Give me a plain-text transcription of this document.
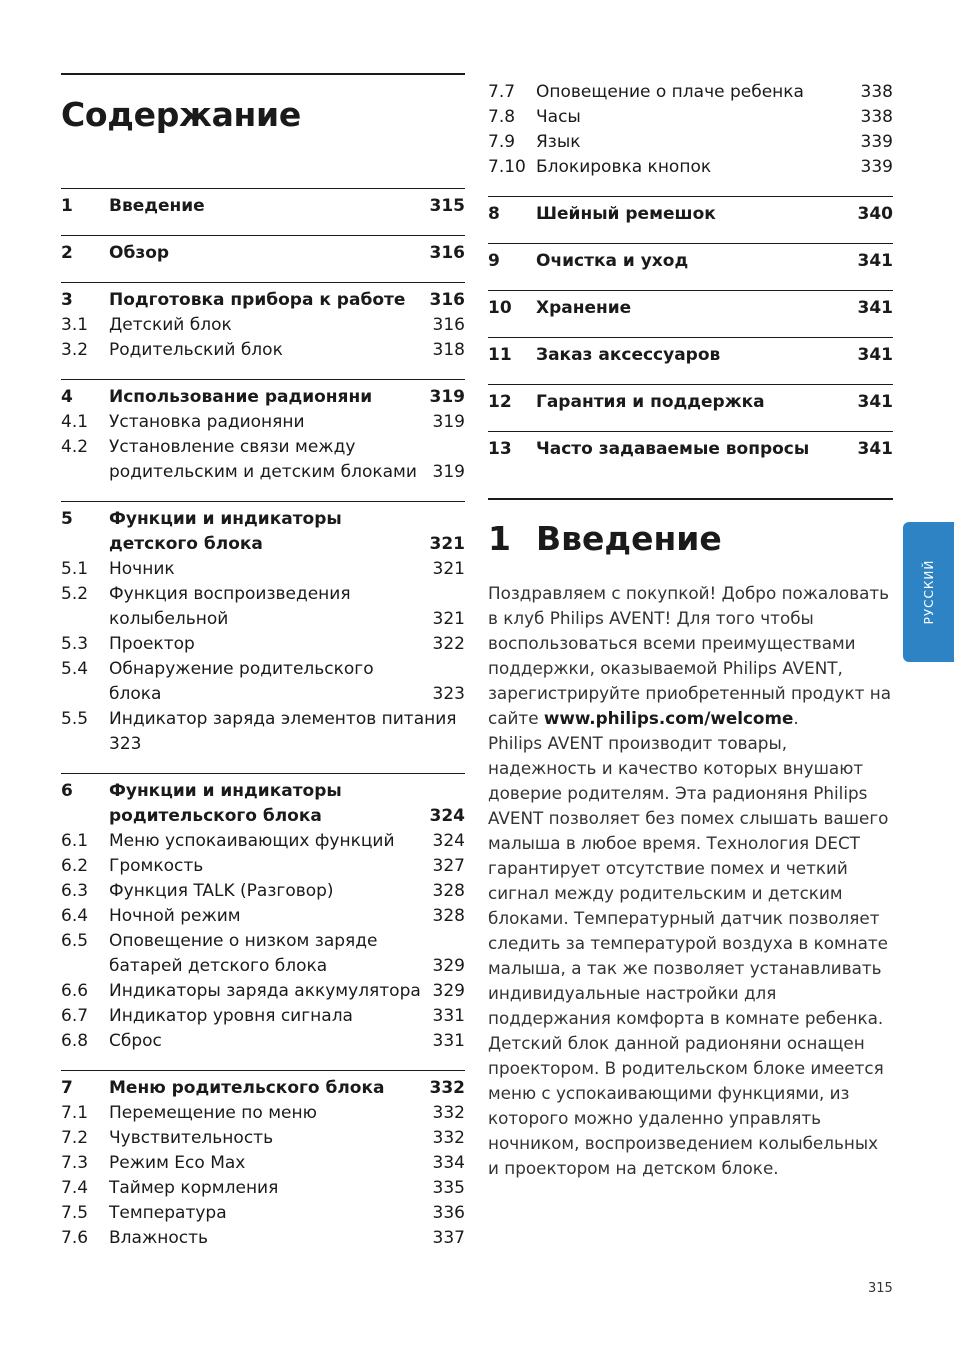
Содержание
1	Введение	315
2	Обзор	316
3	Подготовка прибора к работе	316
3.1	Детский блок	316
3.2	Родительский блок	318
4	Использование радионяни	319
4.1	Установка радионяни	319
4.2	Установление связи между родительским и детским блоками 319
5	Функции и индикаторы детского блока	321
5.1	Ночник	321
5.2	Функция воспроизведения колыбельной	321
5.3	Проектор	322
5.4	Обнаружение родительского блока	323
5.5	Индикатор заряда элементов питания 323
6	Функции и индикаторы родительского блока	324
6.1	Меню успокаивающих функций	324
6.2	Громкость	327
6.3	Функция TALK (Разговор)	328
6.4	Ночной режим	328
6.5	Оповещение о низком заряде батарей детского блока	329
6.6	Индикаторы заряда аккумулятора 329
6.7	Индикатор уровня сигнала	331
6.8	Сброс	331
7	Меню родительского блока	332
7.1	Перемещение по меню	332
7.2	Чувствительность	332
7.3	Режим Eco Max	334
7.4	Таймер кормления	335
7.5	Температура	336
7.6	Влажность	337
7.7	Оповещение о плаче ребенка	338
7.8	Часы	338
7.9	Язык	339
7.10 Блокировка кнопок	339
8	Шейный ремешок	340
9	Очистка и уход	341
10	Хранение	341
11	Заказ аксессуаров	341
12	Гарантия и поддержка	341
13	Часто задаваемые вопросы	341
1 Введение

Поздравляем с покупкой! Добро пожаловать в клуб Philips AVENT! Для того чтобы воспользоваться всеми преимуществами поддержки, оказываемой Philips AVENT, зарегистрируйте приобретенный продукт на сайте www.philips.com/welcome.

Philips AVENT производит товары, надежность и качество которых внушают доверие родителям. Эта радионяня Philips AVENT позволяет без помех слышать вашего малыша в любое время. Технология DECT гарантирует отсутствие помех и четкий сигнал между родительским и детским блоками. Температурный датчик позволяет следить за температурой воздуха в комнате малыша, а так же позволяет устанавливать индивидуальные настройки для поддержания комфорта в комнате ребенка.

Детский блок данной радионяни оснащен проектором. В родительском блоке имеется меню с успокаивающими функциями, из которого можно удаленно управлять ночником, воспроизведением колыбельных и проектором на детском блоке.

РУССКИЙ
315
